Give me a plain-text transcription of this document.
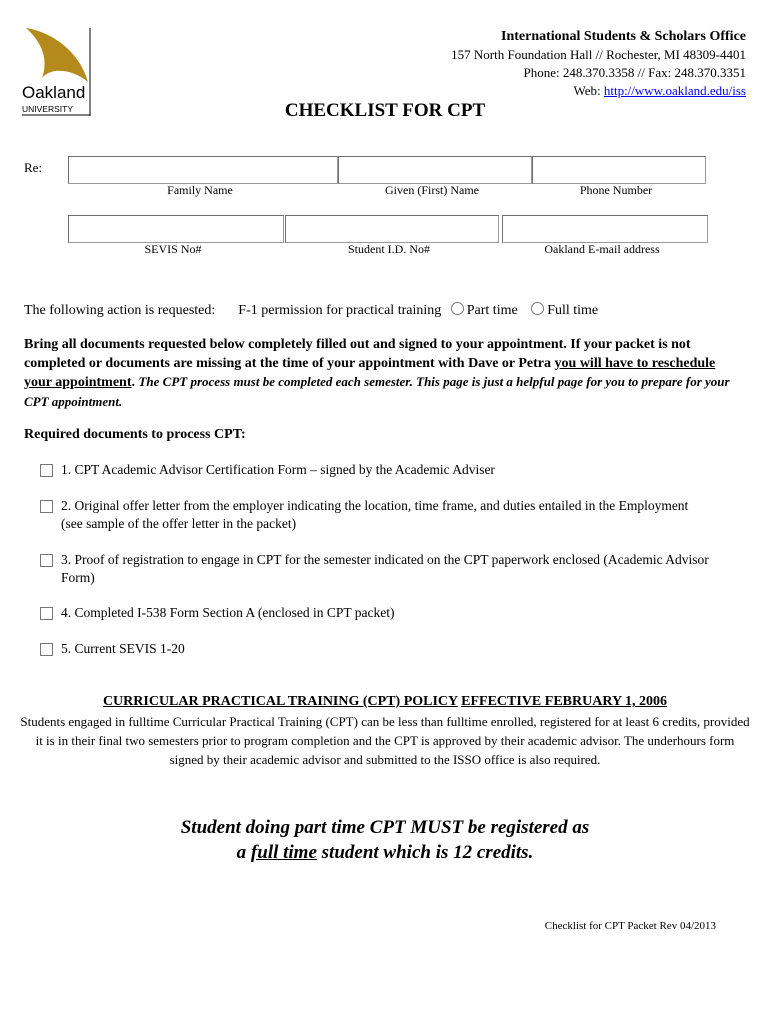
Oakland
UNIVERSITY
International Students & Scholars Office
157 North Foundation Hall // Rochester, MI 48309-4401
Phone: 248.370.3358 // Fax: 248.370.3351
Web: http://www.oakland.edu/iss
CHECKLIST FOR CPT
Re:
Family Name	Given (First) Name	Phone Number
SEVIS No#	Student I.D. No#	Oakland E-mail address
The following action is requested: F-1 permission for practical training Part time Full time
Bring all documents requested below completely filled out and signed to your appointment. If your packet is not completed or documents are missing at the time of your appointment with Dave or Petra you will have to reschedule your appointment. The CPT process must be completed each semester. This page is just a helpful page for you to prepare for your CPT appointment.
Required documents to process CPT:
1. CPT Academic Advisor Certification Form – signed by the Academic Adviser
2. Original offer letter from the employer indicating the location, time frame, and duties entailed in the Employment (see sample of the offer letter in the packet)
3. Proof of registration to engage in CPT for the semester indicated on the CPT paperwork enclosed (Academic Advisor Form)
4. Completed I-538 Form Section A (enclosed in CPT packet)
5. Current SEVIS 1-20
CURRICULAR PRACTICAL TRAINING (CPT) POLICY EFFECTIVE FEBRUARY 1, 2006
Students engaged in fulltime Curricular Practical Training (CPT) can be less than fulltime enrolled, registered for at least 6 credits, provided it is in their final two semesters prior to program completion and the CPT is approved by their academic advisor. The underhours form signed by their academic advisor and submitted to the ISSO office is also required.
Student doing part time CPT MUST be registered as
a full time student which is 12 credits.
Checklist for CPT Packet Rev 04/2013
